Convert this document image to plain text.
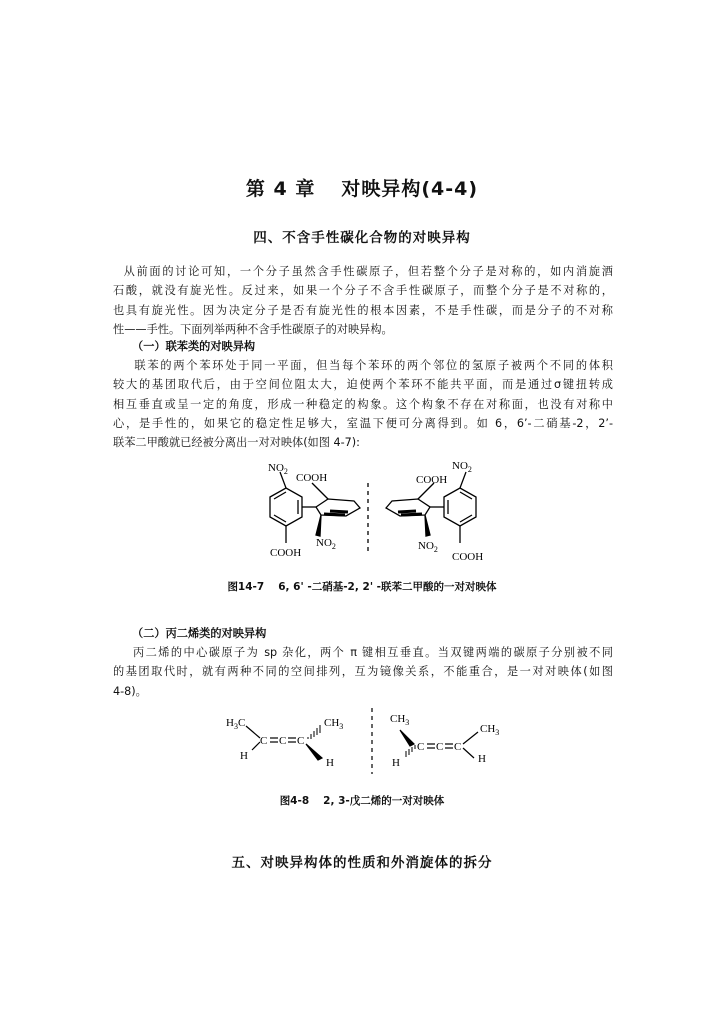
第 4 章 对映异构(4-4)
四、不含手性碳化合物的对映异构
从前面的讨论可知，一个分子虽然含手性碳原子，但若整个分子是对称的，如内消旋酒
石酸，就没有旋光性。反过来，如果一个分子不含手性碳原子，而整个分子是不对称的，
也具有旋光性。因为决定分子是否有旋光性的根本因素，不是手性碳，而是分子的不对称
性——手性。下面列举两种不含手性碳原子的对映异构。
（一）联苯类的对映异构
联苯的两个苯环处于同一平面，但当每个苯环的两个邻位的氢原子被两个不同的体积
较大的基团取代后，由于空间位阻太大，迫使两个苯环不能共平面，而是通过σ键扭转成
相互垂直或呈一定的角度，形成一种稳定的构象。这个构象不存在对称面，也没有对称中
心，是手性的，如果它的稳定性足够大，室温下便可分离得到。如 6，6’-二硝基-2，2’-
联苯二甲酸就已经被分离出一对对映体(如图 4-7):
$NO_2$
COOH
$NO_2$
COOH
$NO_2$
COOH
$NO_2$
COOH
图14-7 6, 6' -二硝基-2, 2' -联苯二甲酸的一对对映体
（二）丙二烯类的对映异构
丙二烯的中心碳原子为 sp 杂化，两个 π 键相互垂直。当双键两端的碳原子分别被不同
的基团取代时，就有两种不同的空间排列，互为镜像关系，不能重合，是一对对映体(如图
4-8)。
$H_3C$
H
C C C
$CH_3$
H
$CH_3$
H
C C C
$CH_3$
H
图4-8 2, 3-戊二烯的一对对映体
五、对映异构体的性质和外消旋体的拆分
